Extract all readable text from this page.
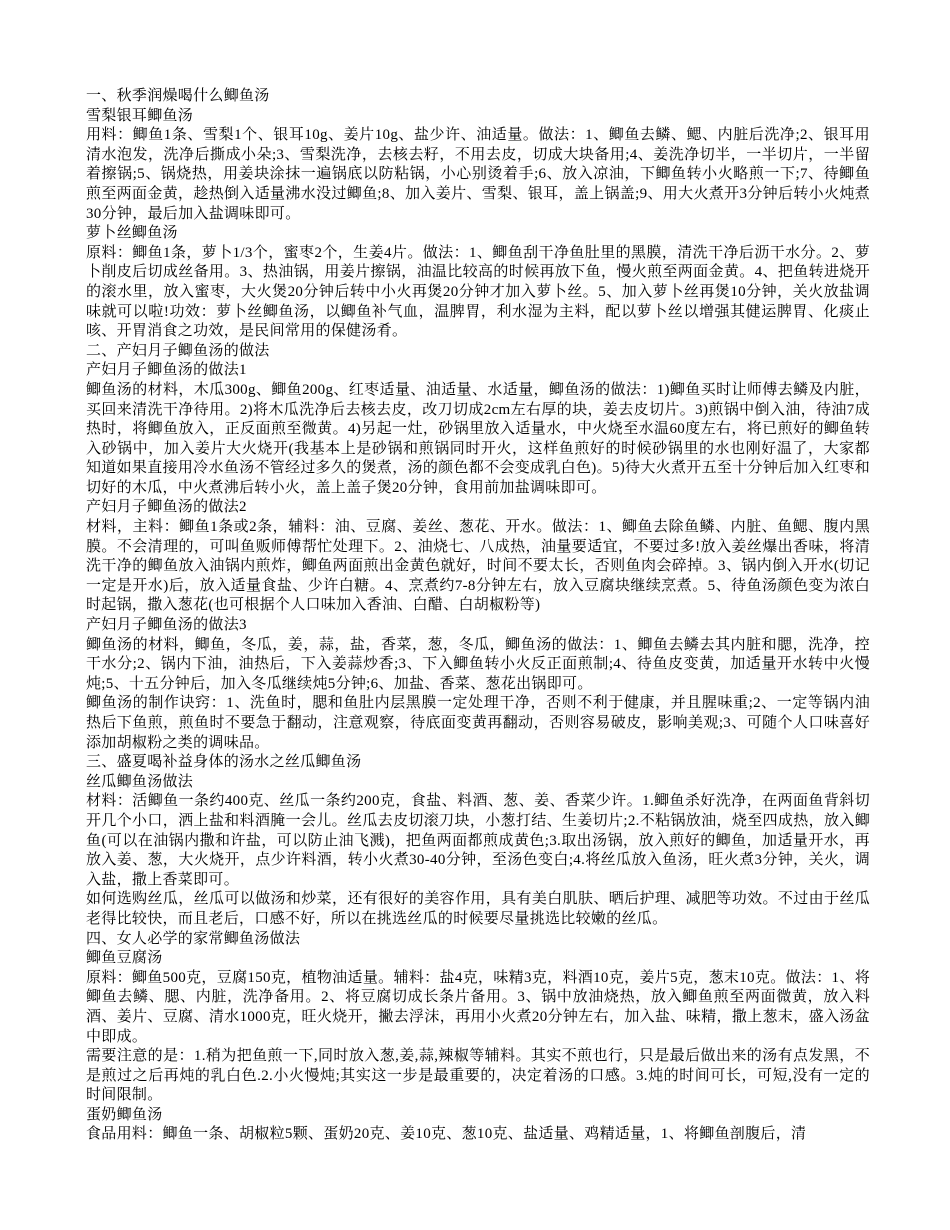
一、秋季润燥喝什么鲫鱼汤

雪梨银耳鲫鱼汤

用料：鲫鱼1条、雪梨1个、银耳10g、姜片10g、盐少许、油适量。做法：1、鲫鱼去鳞、鳃、内脏后洗净;2、银耳用清水泡发，洗净后撕成小朵;3、雪梨洗净，去核去籽，不用去皮，切成大块备用;4、姜洗净切半，一半切片，一半留着擦锅;5、锅烧热，用姜块涂抹一遍锅底以防粘锅，小心别烫着手;6、放入凉油，下鲫鱼转小火略煎一下;7、待鲫鱼煎至两面金黄，趁热倒入适量沸水没过鲫鱼;8、加入姜片、雪梨、银耳，盖上锅盖;9、用大火煮开3分钟后转小火炖煮30分钟，最后加入盐调味即可。

萝卜丝鲫鱼汤

原料：鲫鱼1条，萝卜1/3个，蜜枣2个，生姜4片。做法：1、鲫鱼刮干净鱼肚里的黑膜，清洗干净后沥干水分。2、萝卜削皮后切成丝备用。3、热油锅，用姜片擦锅，油温比较高的时候再放下鱼，慢火煎至两面金黄。4、把鱼转进烧开的滚水里，放入蜜枣，大火煲20分钟后转中小火再煲20分钟才加入萝卜丝。5、加入萝卜丝再煲10分钟，关火放盐调味就可以啦!功效：萝卜丝鲫鱼汤，以鲫鱼补气血，温脾胃，利水湿为主料，配以萝卜丝以增强其健运脾胃、化痰止咳、开胃消食之功效，是民间常用的保健汤肴。

二、产妇月子鲫鱼汤的做法

产妇月子鲫鱼汤的做法1

鲫鱼汤的材料，木瓜300g、鲫鱼200g、红枣适量、油适量、水适量，鲫鱼汤的做法：1)鲫鱼买时让师傅去鳞及内脏，买回来清洗干净待用。2)将木瓜洗净后去核去皮，改刀切成2cm左右厚的块，姜去皮切片。3)煎锅中倒入油，待油7成热时，将鲫鱼放入，正反面煎至微黄。4)另起一灶，砂锅里放入适量水，中火烧至水温60度左右，将已煎好的鲫鱼转入砂锅中，加入姜片大火烧开(我基本上是砂锅和煎锅同时开火，这样鱼煎好的时候砂锅里的水也刚好温了，大家都知道如果直接用冷水鱼汤不管经过多久的煲煮，汤的颜色都不会变成乳白色)。5)待大火煮开五至十分钟后加入红枣和切好的木瓜，中火煮沸后转小火，盖上盖子煲20分钟，食用前加盐调味即可。

产妇月子鲫鱼汤的做法2

材料，主料：鲫鱼1条或2条，辅料：油、豆腐、姜丝、葱花、开水。做法：1、鲫鱼去除鱼鳞、内脏、鱼鳃、腹内黑膜。不会清理的，可叫鱼贩师傅帮忙处理下。2、油烧七、八成热，油量要适宜，不要过多!放入姜丝爆出香味，将清洗干净的鲫鱼放入油锅内煎炸，鲫鱼两面煎出金黄色就好，时间不要太长，否则鱼肉会碎掉。3、锅内倒入开水(切记一定是开水)后，放入适量食盐、少许白糖。4、烹煮约7-8分钟左右，放入豆腐块继续烹煮。5、待鱼汤颜色变为浓白时起锅，撒入葱花(也可根据个人口味加入香油、白醋、白胡椒粉等)

产妇月子鲫鱼汤的做法3

鲫鱼汤的材料，鲫鱼，冬瓜，姜，蒜，盐，香菜，葱，冬瓜，鲫鱼汤的做法：1、鲫鱼去鳞去其内脏和腮，洗净，控干水分;2、锅内下油，油热后，下入姜蒜炒香;3、下入鲫鱼转小火反正面煎制;4、待鱼皮变黄，加适量开水转中火慢炖;5、十五分钟后，加入冬瓜继续炖5分钟;6、加盐、香菜、葱花出锅即可。

鲫鱼汤的制作诀窍：1、洗鱼时，腮和鱼肚内层黑膜一定处理干净，否则不利于健康，并且腥味重;2、一定等锅内油热后下鱼煎，煎鱼时不要急于翻动，注意观察，待底面变黄再翻动，否则容易破皮，影响美观;3、可随个人口味喜好添加胡椒粉之类的调味品。

三、盛夏喝补益身体的汤水之丝瓜鲫鱼汤

丝瓜鲫鱼汤做法

材料：活鲫鱼一条约400克、丝瓜一条约200克，食盐、料酒、葱、姜、香菜少许。1.鲫鱼杀好洗净，在两面鱼背斜切开几个小口，洒上盐和料酒腌一会儿。丝瓜去皮切滚刀块，小葱打结、生姜切片;2.不粘锅放油，烧至四成热，放入鲫鱼(可以在油锅内撒和许盐，可以防止油飞溅)，把鱼两面都煎成黄色;3.取出汤锅，放入煎好的鲫鱼，加适量开水，再放入姜、葱，大火烧开，点少许料酒，转小火煮30-40分钟，至汤色变白;4.将丝瓜放入鱼汤，旺火煮3分钟，关火，调入盐，撒上香菜即可。

如何选购丝瓜，丝瓜可以做汤和炒菜，还有很好的美容作用，具有美白肌肤、晒后护理、减肥等功效。不过由于丝瓜老得比较快，而且老后，口感不好，所以在挑选丝瓜的时候要尽量挑选比较嫩的丝瓜。

四、女人必学的家常鲫鱼汤做法

鲫鱼豆腐汤

原料：鲫鱼500克，豆腐150克，植物油适量。辅料：盐4克，味精3克，料酒10克，姜片5克，葱末10克。做法：1、将鲫鱼去鳞、腮、内脏，洗净备用。2、将豆腐切成长条片备用。3、锅中放油烧热，放入鲫鱼煎至两面微黄，放入料酒、姜片、豆腐、清水1000克，旺火烧开，撇去浮沫，再用小火煮20分钟左右，加入盐、味精，撒上葱末，盛入汤盆中即成。

需要注意的是：1.稍为把鱼煎一下,同时放入葱,姜,蒜,辣椒等辅料。其实不煎也行，只是最后做出来的汤有点发黑，不是煎过之后再炖的乳白色.2.小火慢炖;其实这一步是最重要的，决定着汤的口感。3.炖的时间可长，可短,没有一定的时间限制。

蛋奶鲫鱼汤

食品用料：鲫鱼一条、胡椒粒5颗、蛋奶20克、姜10克、葱10克、盐适量、鸡精适量，1、将鲫鱼剖腹后，清
